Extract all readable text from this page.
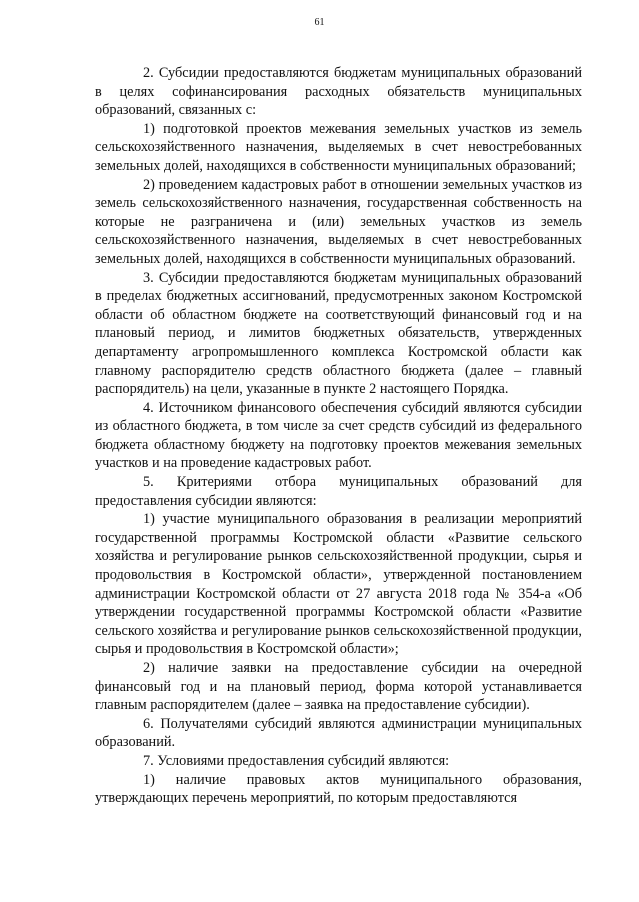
61

2. Субсидии предоставляются бюджетам муниципальных образований в целях софинансирования расходных обязательств муниципальных образований, связанных с:

1) подготовкой проектов межевания земельных участков из земель сельскохозяйственного назначения, выделяемых в счет невостребованных земельных долей, находящихся в собственности муниципальных образований;

2) проведением кадастровых работ в отношении земельных участков из земель сельскохозяйственного назначения, государственная собственность на которые не разграничена и (или) земельных участков из земель сельскохозяйственного назначения, выделяемых в счет невостребованных земельных долей, находящихся в собственности муниципальных образований.

3. Субсидии предоставляются бюджетам муниципальных образований в пределах бюджетных ассигнований, предусмотренных законом Костромской области об областном бюджете на соответствующий финансовый год и на плановый период, и лимитов бюджетных обязательств, утвержденных департаменту агропромышленного комплекса Костромской области как главному распорядителю средств областного бюджета (далее – главный распорядитель) на цели, указанные в пункте 2 настоящего Порядка.

4. Источником финансового обеспечения субсидий являются субсидии из областного бюджета, в том числе за счет средств субсидий из федерального бюджета областному бюджету на подготовку проектов межевания земельных участков и на проведение кадастровых работ.

5. Критериями отбора муниципальных образований для предоставления субсидии являются:

1) участие муниципального образования в реализации мероприятий государственной программы Костромской области «Развитие сельского хозяйства и регулирование рынков сельскохозяйственной продукции, сырья и продовольствия в Костромской области», утвержденной постановлением администрации Костромской области от 27 августа 2018 года № 354-а «Об утверждении государственной программы Костромской области «Развитие сельского хозяйства и регулирование рынков сельскохозяйственной продукции, сырья и продовольствия в Костромской области»;

2) наличие заявки на предоставление субсидии на очередной финансовый год и на плановый период, форма которой устанавливается главным распорядителем (далее – заявка на предоставление субсидии).

6. Получателями субсидий являются администрации муниципальных образований.

7. Условиями предоставления субсидий являются:

1) наличие правовых актов муниципального образования, утверждающих перечень мероприятий, по которым предоставляются
